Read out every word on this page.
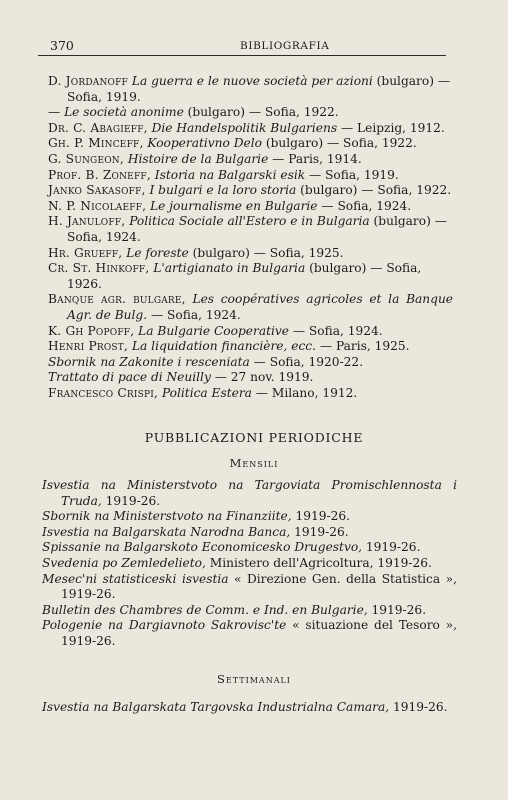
370	BIBLIOGRAFIA

D. Jordanoff La guerra e le nuove società per azioni (bulgaro) — Sofia, 1919.

— Le società anonime (bulgaro) — Sofia, 1922.

Dr. C. Abagieff, Die Handelspolitik Bulgariens — Leipzig, 1912.

Gh. P. Minceff, Kooperativno Delo (bulgaro) — Sofia, 1922.

G. Sungeon, Histoire de la Bulgarie — Paris, 1914.

Prof. B. Zoneff, Istoria na Balgarski esik — Sofia, 1919.

Janko Sakasoff, I bulgari e la loro storia (bulgaro) — Sofia, 1922.

N. P. Nicolaeff, Le journalisme en Bulgarie — Sofia, 1924.

H. Januloff, Politica Sociale all'Estero e in Bulgaria (bulgaro) — Sofia, 1924.

Hr. Grueff, Le foreste (bulgaro) — Sofia, 1925.

Cr. St. Hinkoff, L'artigianato in Bulgaria (bulgaro) — Sofia, 1926.

Banque agr. bulgare, Les coopératives agricoles et la Banque Agr. de Bulg. — Sofia, 1924.

K. Gh Popoff, La Bulgarie Cooperative — Sofia, 1924.

Henri Prost, La liquidation financière, ecc. — Paris, 1925.

Sbornik na Zakonite i resceniata — Sofia, 1920-22.

Trattato di pace di Neuilly — 27 nov. 1919.

Francesco Crispi, Politica Estera — Milano, 1912.

PUBBLICAZIONI PERIODICHE
Mensili

Isvestia na Ministerstvoto na Targoviata Promischlennosta i Truda, 1919-26.

Sbornik na Ministerstvoto na Finanziite, 1919-26.

Isvestia na Balgarskata Narodna Banca, 1919-26.

Spissanie na Balgarskoto Economicesko Drugestvo, 1919-26.

Svedenia po Zemledelieto, Ministero dell'Agricoltura, 1919-26.

Mesec'ni statisticeski isvestia « Direzione Gen. della Statistica », 1919-26.

Bulletin des Chambres de Comm. e Ind. en Bulgarie, 1919-26.

Pologenie na Dargiavnoto Sakrovisc'te « situazione del Tesoro », 1919-26.

Settimanali

Isvestia na Balgarskata Targovska Industrialna Camara, 1919-26.
